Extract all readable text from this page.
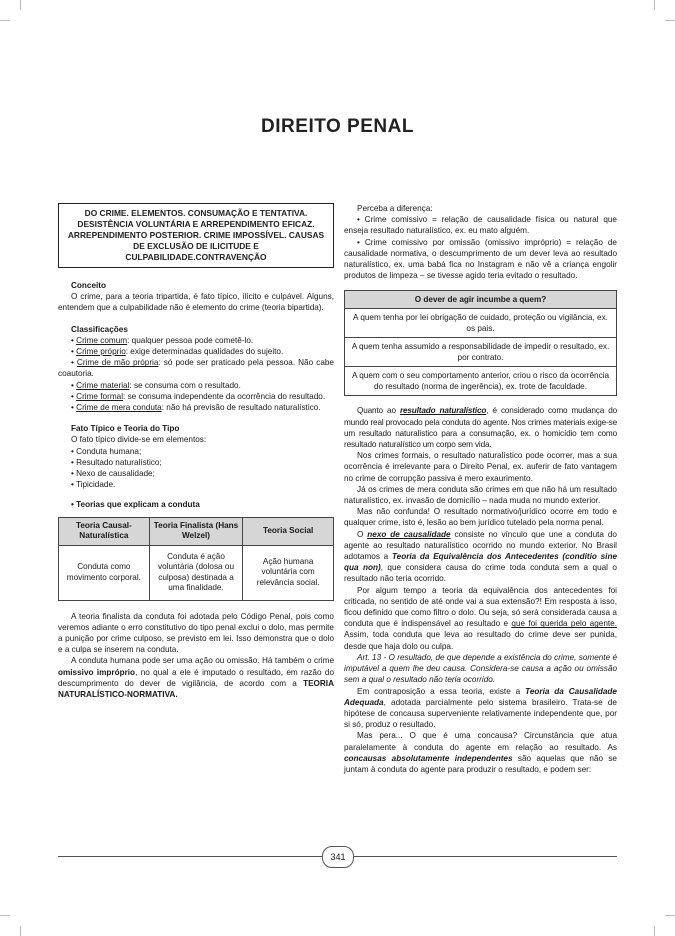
DIREITO PENAL
DO CRIME. ELEMENTOS. CONSUMAÇÃO E TENTATIVA. DESISTÊNCIA VOLUNTÁRIA E ARREPENDIMENTO EFICAZ. ARREPENDIMENTO POSTERIOR. CRIME IMPOSSÍVEL. CAUSAS DE EXCLUSÃO DE ILICITUDE E CULPABILIDADE.CONTRAVENÇÃO

Conceito

O crime, para a teoria tripartida, é fato típico, ilícito e culpável. Alguns, entendem que a culpabilidade não é elemento do crime (teoria bipartida).

Classificações

• Crime comum: qualquer pessoa pode cometê-lo.

• Crime próprio: exige determinadas qualidades do sujeito.

• Crime de mão própria: só pode ser praticado pela pessoa. Não cabe coautoria.

• Crime material: se consuma com o resultado.

• Crime formal: se consuma independente da ocorrência do resultado.

• Crime de mera conduta: não há previsão de resultado naturalístico.

Fato Típico e Teoria do Tipo

O fato típico divide-se em elementos:

• Conduta humana;

• Resultado naturalístico;

• Nexo de causalidade;

• Tipicidade.

• Teorias que explicam a conduta

Teoria Causal-Naturalística	Teoria Finalista (Hans Welzel)	Teoria Social
Conduta como movimento corporal.	Conduta é ação voluntária (dolosa ou culposa) destinada a uma finalidade.	Ação humana voluntária com relevância social.

A teoria finalista da conduta foi adotada pelo Código Penal, pois como veremos adiante o erro constitutivo do tipo penal exclui o dolo, mas permite a punição por crime culposo, se previsto em lei. Isso demonstra que o dolo e a culpa se inserem na conduta.

A conduta humana pode ser uma ação ou omissão. Há também o crime omissivo impróprio, no qual a ele é imputado o resultado, em razão do descumprimento do dever de vigilância, de acordo com a TEORIA NATURALÍSTICO-NORMATIVA.

Perceba a diferença:

• Crime comissivo = relação de causalidade física ou natural que enseja resultado naturalístico, ex. eu mato alguém.

• Crime comissivo por omissão (omissivo impróprio) = relação de causalidade normativa, o descumprimento de um dever leva ao resultado naturalístico, ex. uma babá fica no Instagram e não vê a criança engolir produtos de limpeza – se tivesse agido teria evitado o resultado.

O dever de agir incumbe a quem?
A quem tenha por lei obrigação de cuidado, proteção ou vigilância, ex. os pais.
A quem tenha assumido a responsabilidade de impedir o resultado, ex. por contrato.
A quem com o seu comportamento anterior, criou o risco da ocorrência do resultado (norma de ingerência), ex. trote de faculdade.

Quanto ao resultado naturalístico, é considerado como mudança do mundo real provocado pela conduta do agente. Nos crimes materiais exige-se um resultado naturalístico para a consumação, ex. o homicídio tem como resultado naturalístico um corpo sem vida.

Nos crimes formais, o resultado naturalístico pode ocorrer, mas a sua ocorrência é irrelevante para o Direito Penal, ex. auferir de fato vantagem no crime de corrupção passiva é mero exaurimento.

Já os crimes de mera conduta são crimes em que não há um resultado naturalístico, ex. invasão de domicílio – nada muda no mundo exterior.

Mas não confunda! O resultado normativo/jurídico ocorre em todo e qualquer crime, isto é, lesão ao bem jurídico tutelado pela norma penal.

O nexo de causalidade consiste no vínculo que une a conduta do agente ao resultado naturalístico ocorrido no mundo exterior. No Brasil adotamos a Teoria da Equivalência dos Antecedentes (conditio sine qua non), que considera causa do crime toda conduta sem a qual o resultado não teria ocorrido.

Por algum tempo a teoria da equivalência dos antecedentes foi criticada, no sentido de até onde vai a sua extensão?! Em resposta a isso, ficou definido que como filtro o dolo. Ou seja, só será considerada causa a conduta que é indispensável ao resultado e que foi querida pelo agente. Assim, toda conduta que leva ao resultado do crime deve ser punida, desde que haja dolo ou culpa.

Art. 13 - O resultado, de que depende a existência do crime, somente é imputável a quem lhe deu causa. Considera-se causa a ação ou omissão sem a qual o resultado não teria ocorrido.

Em contraposição a essa teoria, existe a Teoria da Causalidade Adequada, adotada parcialmente pelo sistema brasileiro. Trata-se de hipótese de concausa superveniente relativamente independente que, por si só, produz o resultado.

Mas pera... O que é uma concausa? Circunstância que atua paralelamente à conduta do agente em relação ao resultado. As concausas absolutamente independentes são aquelas que não se juntam à conduta do agente para produzir o resultado, e podem ser:

341
